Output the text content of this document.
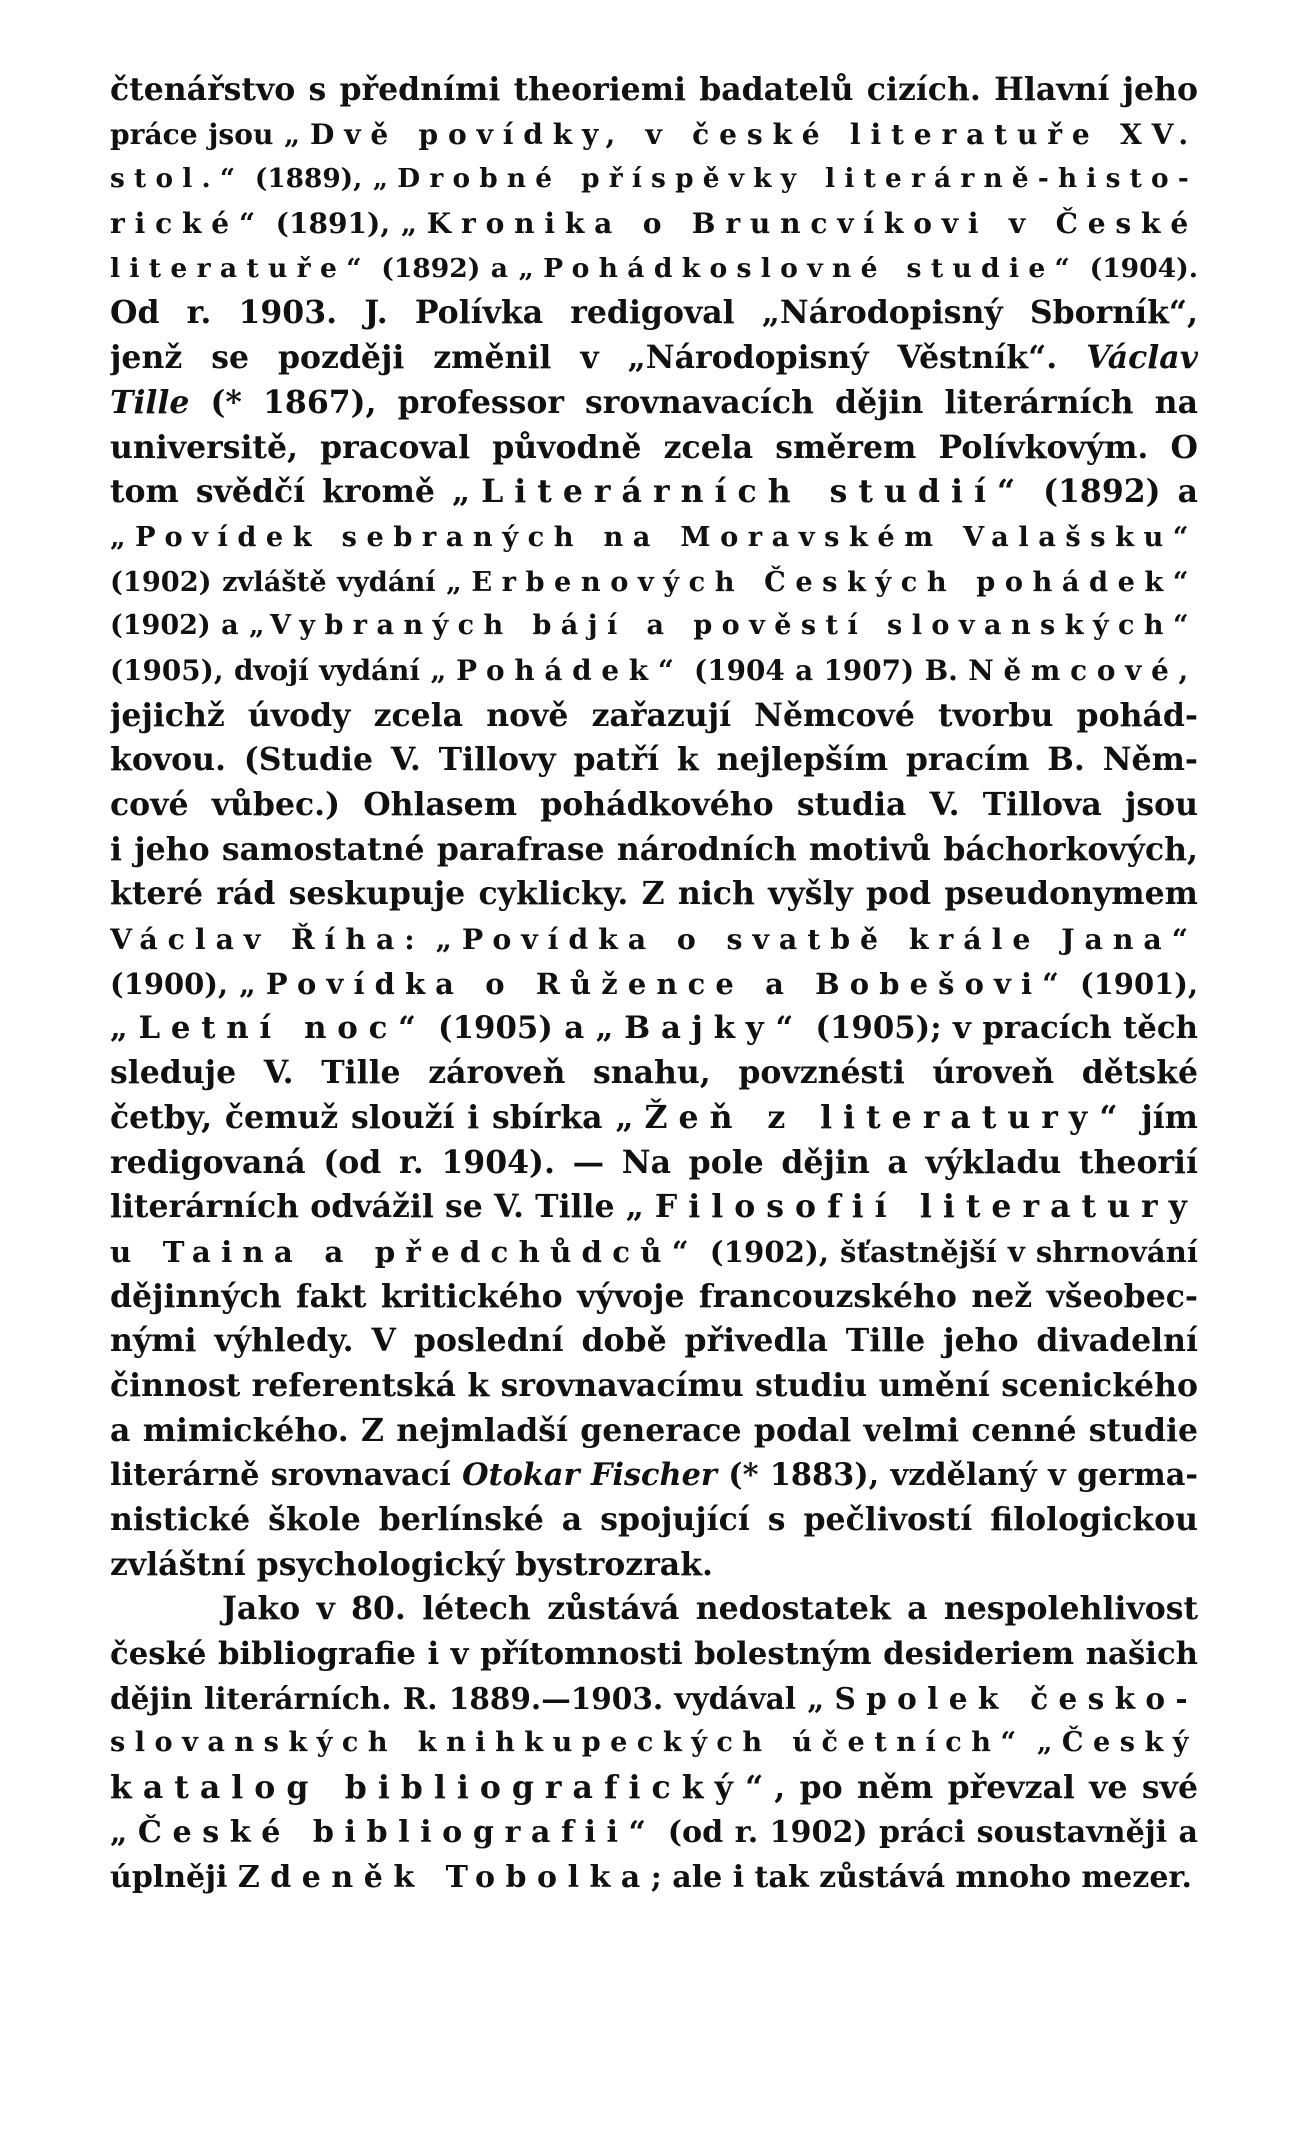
čtenářstvo s předními theoriemi badatelů cizích. Hlavní jeho
práce jsou „Dvě povídky, v české literatuře XV.
stol.“ (1889), „Drobné příspěvky literárně-histo-
rické“ (1891), „Kronika o Bruncvíkovi v České
literatuře“ (1892) a „Pohádkoslovné studie“ (1904).
Od r. 1903. J. Polívka redigoval „Národopisný Sborník“,
jenž se později změnil v „Národopisný Věstník“. Václav
Tille (* 1867), professor srovnavacích dějin literárních na
universitě, pracoval původně zcela směrem Polívkovým. O
tom svědčí kromě „Literárních studií“ (1892) a
„Povídek sebraných na Moravském Valašsku“
(1902) zvláště vydání „Erbenových Českých pohádek“
(1902) a „Vybraných bájí a pověstí slovanských“
(1905), dvojí vydání „Pohádek“ (1904 a 1907) B. Němcové,
jejichž úvody zcela nově zařazují Němcové tvorbu pohád-
kovou. (Studie V. Tillovy patří k nejlepším pracím B. Něm-
cové vůbec.) Ohlasem pohádkového studia V. Tillova jsou
i jeho samostatné parafrase národních motivů báchorkových,
které rád seskupuje cyklicky. Z nich vyšly pod pseudonymem
Václav Říha: „Povídka o svatbě krále Jana“
(1900), „Povídka o Růžence a Bobešovi“ (1901),
„Letní noc“ (1905) a „Bajky“ (1905); v pracích těch
sleduje V. Tille zároveň snahu, povznésti úroveň dětské
četby, čemuž slouží i sbírka „Žeň z literatury“ jím
redigovaná (od r. 1904). — Na pole dějin a výkladu theorií
literárních odvážil se V. Tille „Filosofií literatury
u Taina a předchůdců“ (1902), šťastnější v shrnování
dějinných fakt kritického vývoje francouzského než všeobec-
nými výhledy. V poslední době přivedla Tille jeho divadelní
činnost referentská k srovnavacímu studiu umění scenického
a mimického. Z nejmladší generace podal velmi cenné studie
literárně srovnavací Otokar Fischer (* 1883), vzdělaný v germa-
nistické škole berlínské a spojující s pečlivostí filologickou
zvláštní psychologický bystrozrak.
Jako v 80. létech zůstává nedostatek a nespolehlivost
české bibliografie i v přítomnosti bolestným desideriem našich
dějin literárních. R. 1889.—1903. vydával „Spolek česko-
slovanských knihkupeckých účetních“ „Český
katalog bibliografický“, po něm převzal ve své
„České bibliografii“ (od r. 1902) práci soustavněji a
úplněji Zdeněk Tobolka; ale i tak zůstává mnoho mezer.
